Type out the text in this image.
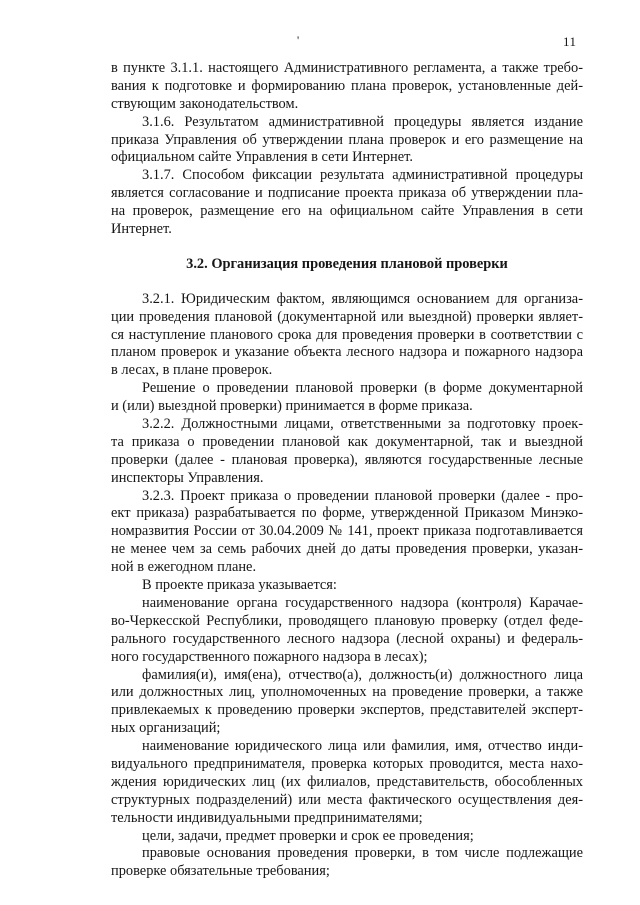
'	11
в пункте 3.1.1. настоящего Административного регламента, а также требо-
вания к подготовке и формированию плана проверок, установленные дей-
ствующим законодательством.
3.1.6. Результатом административной процедуры является издание
приказа Управления об утверждении плана проверок и его размещение на
официальном сайте Управления в сети Интернет.
3.1.7. Способом фиксации результата административной процедуры
является согласование и подписание проекта приказа об утверждении пла-
на проверок, размещение его на официальном сайте Управления в сети
Интернет.
3.2. Организация проведения плановой проверки
3.2.1. Юридическим фактом, являющимся основанием для организа-
ции проведения плановой (документарной или выездной) проверки являет-
ся наступление планового срока для проведения проверки в соответствии с
планом проверок и указание объекта лесного надзора и пожарного надзора
в лесах, в плане проверок.
Решение о проведении плановой проверки (в форме документарной
и (или) выездной проверки) принимается в форме приказа.
3.2.2. Должностными лицами, ответственными за подготовку проек-
та приказа о проведении плановой как документарной, так и выездной
проверки (далее - плановая проверка), являются государственные лесные
инспекторы Управления.
3.2.3. Проект приказа о проведении плановой проверки (далее - про-
ект приказа) разрабатывается по форме, утвержденной Приказом Минэко-
номразвития России от 30.04.2009 № 141, проект приказа подготавливается
не менее чем за семь рабочих дней до даты проведения проверки, указан-
ной в ежегодном плане.
В проекте приказа указывается:
наименование органа государственного надзора (контроля) Карачае-
во-Черкесской Республики, проводящего плановую проверку (отдел феде-
рального государственного лесного надзора (лесной охраны) и федераль-
ного государственного пожарного надзора в лесах);
фамилия(и), имя(ена), отчество(а), должность(и) должностного лица
или должностных лиц, уполномоченных на проведение проверки, а также
привлекаемых к проведению проверки экспертов, представителей эксперт-
ных организаций;
наименование юридического лица или фамилия, имя, отчество инди-
видуального предпринимателя, проверка которых проводится, места нахо-
ждения юридических лиц (их филиалов, представительств, обособленных
структурных подразделений) или места фактического осуществления дея-
тельности индивидуальными предпринимателями;
цели, задачи, предмет проверки и срок ее проведения;
правовые основания проведения проверки, в том числе подлежащие
проверке обязательные требования;
